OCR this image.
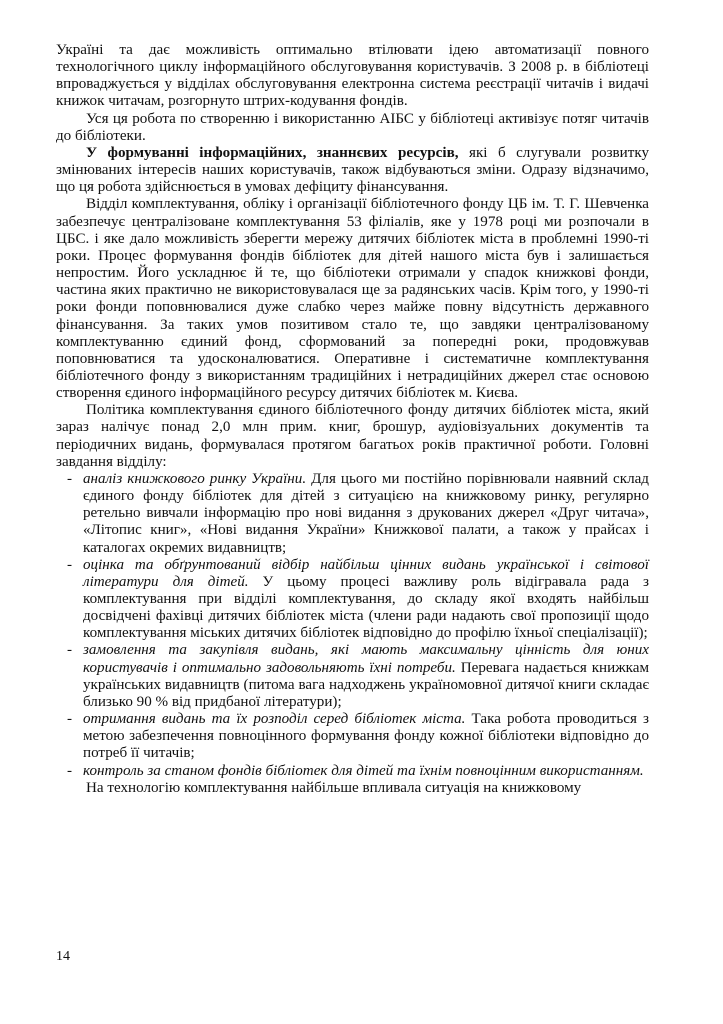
Україні та дає можливість оптимально втілювати ідею автоматизації повного технологічного циклу інформаційного обслуговування користувачів. З 2008 р. в бібліотеці впроваджується у відділах обслуговування електронна система реєстрації читачів і видачі книжок читачам, розгорнуто штрих-кодування фондів.

Уся ця робота по створенню і використанню АІБС у бібліотеці активізує потяг читачів до бібліотеки.

У формуванні інформаційних, знаннєвих ресурсів, які б слугували розвитку змінюваних інтересів наших користувачів, також відбуваються зміни. Одразу відзначимо, що ця робота здійснюється в умовах дефіциту фінансування.

Відділ комплектування, обліку і організації бібліотечного фонду ЦБ ім. Т. Г. Шевченка забезпечує централізоване комплектування 53 філіалів, яке у 1978 році ми розпочали в ЦБС. і яке дало можливість зберегти мережу дитячих бібліотек міста в проблемні 1990-ті роки. Процес формування фондів бібліотек для дітей нашого міста був і залишається непростим. Його ускладнює й те, що бібліотеки отримали у спадок книжкові фонди, частина яких практично не використовувалася ще за радянських часів. Крім того, у 1990-ті роки фонди поповнювалися дуже слабко через майже повну відсутність державного фінансування. За таких умов позитивом стало те, що завдяки централізованому комплектуванню єдиний фонд, сформований за попередні роки, продовжував поповнюватися та удосконалюватися. Оперативне і систематичне комплектування бібліотечного фонду з використанням традиційних і нетрадиційних джерел стає основою створення єдиного інформаційного ресурсу дитячих бібліотек м. Києва.

Політика комплектування єдиного бібліотечного фонду дитячих бібліотек міста, який зараз налічує понад 2,0 млн прим. книг, брошур, аудіовізуальних документів та періодичних видань, формувалася протягом багатьох років практичної роботи. Головні завдання відділу:

- аналіз книжкового ринку України. Для цього ми постійно порівнювали наявний склад єдиного фонду бібліотек для дітей з ситуацією на книжковому ринку, регулярно ретельно вивчали інформацію про нові видання з друкованих джерел «Друг читача», «Літопис книг», «Нові видання України» Книжкової палати, а також у прайсах і каталогах окремих видавництв;
- оцінка та обґрунтований відбір найбільш цінних видань української і світової літератури для дітей. У цьому процесі важливу роль відігравала рада з комплектування при відділі комплектування, до складу якої входять найбільш досвідчені фахівці дитячих бібліотек міста (члени ради надають свої пропозиції щодо комплектування міських дитячих бібліотек відповідно до профілю їхньої спеціалізації);
- замовлення та закупівля видань, які мають максимальну цінність для юних користувачів і оптимально задовольняють їхні потреби. Перевага надається книжкам українських видавництв (питома вага надходжень україномовної дитячої книги складає близько 90 % від придбаної літератури);
- отримання видань та їх розподіл серед бібліотек міста. Така робота проводиться з метою забезпечення повноцінного формування фонду кожної бібліотеки відповідно до потреб її читачів;
- контроль за станом фондів бібліотек для дітей та їхнім повноцінним використанням.

На технологію комплектування найбільше впливала ситуація на книжковому

14
